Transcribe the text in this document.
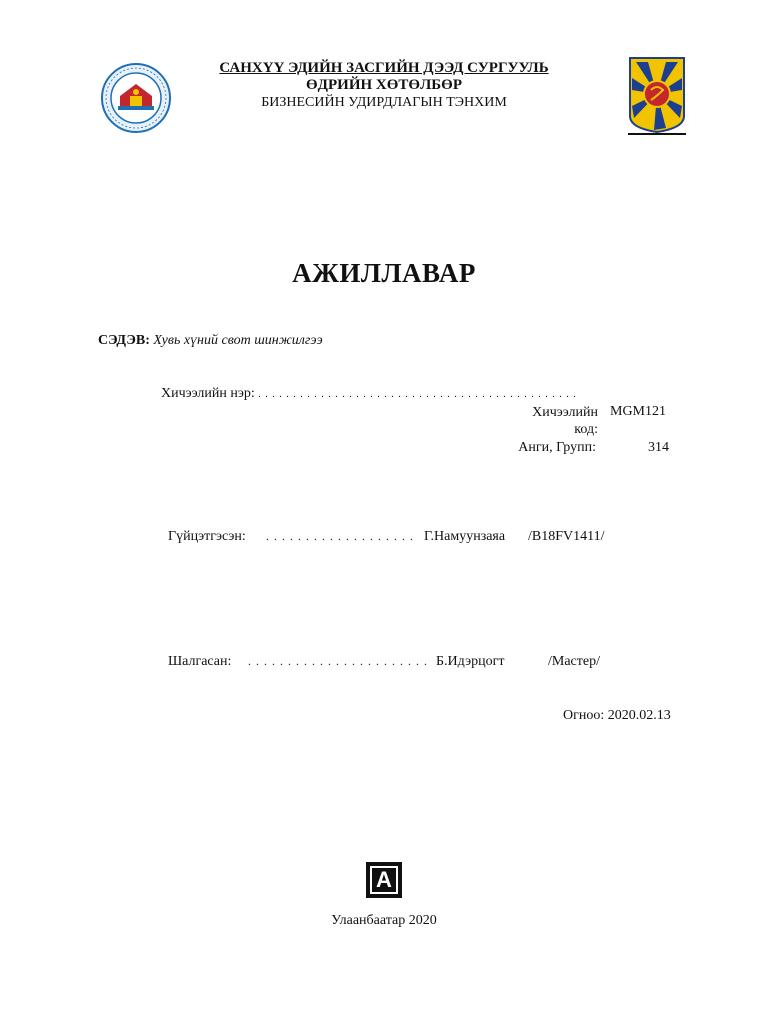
САНХҮҮ ЭДИЙН ЗАСГИЙН ДЭЭД СУРГУУЛЬ
ӨДРИЙН ХӨТӨЛБӨР
БИЗНЕСИЙН УДИРДЛАГЫН ТЭНХИМ
АЖИЛЛАВАР
СЭДЭВ: Хувь хүний свот шинжилгээ
Хичээлийн нэр: . . . . . . . . . . . . . . . . . . . . . . . . . . . . . . . . . . . . . . . . . . . . . .
Хичээлийн
код:
MGM121
Анги, Групп:	314
Гүйцэтгэсэн: . . . . . . . . . . . . . . . . . . . Г.Намуунзаяа /B18FV1411/
Шалгасан: . . . . . . . . . . . . . . . . . . . . . . . Б.Идэрцогт	/Мастер/
Огноо: 2020.02.13
A
Улаанбаатар 2020
